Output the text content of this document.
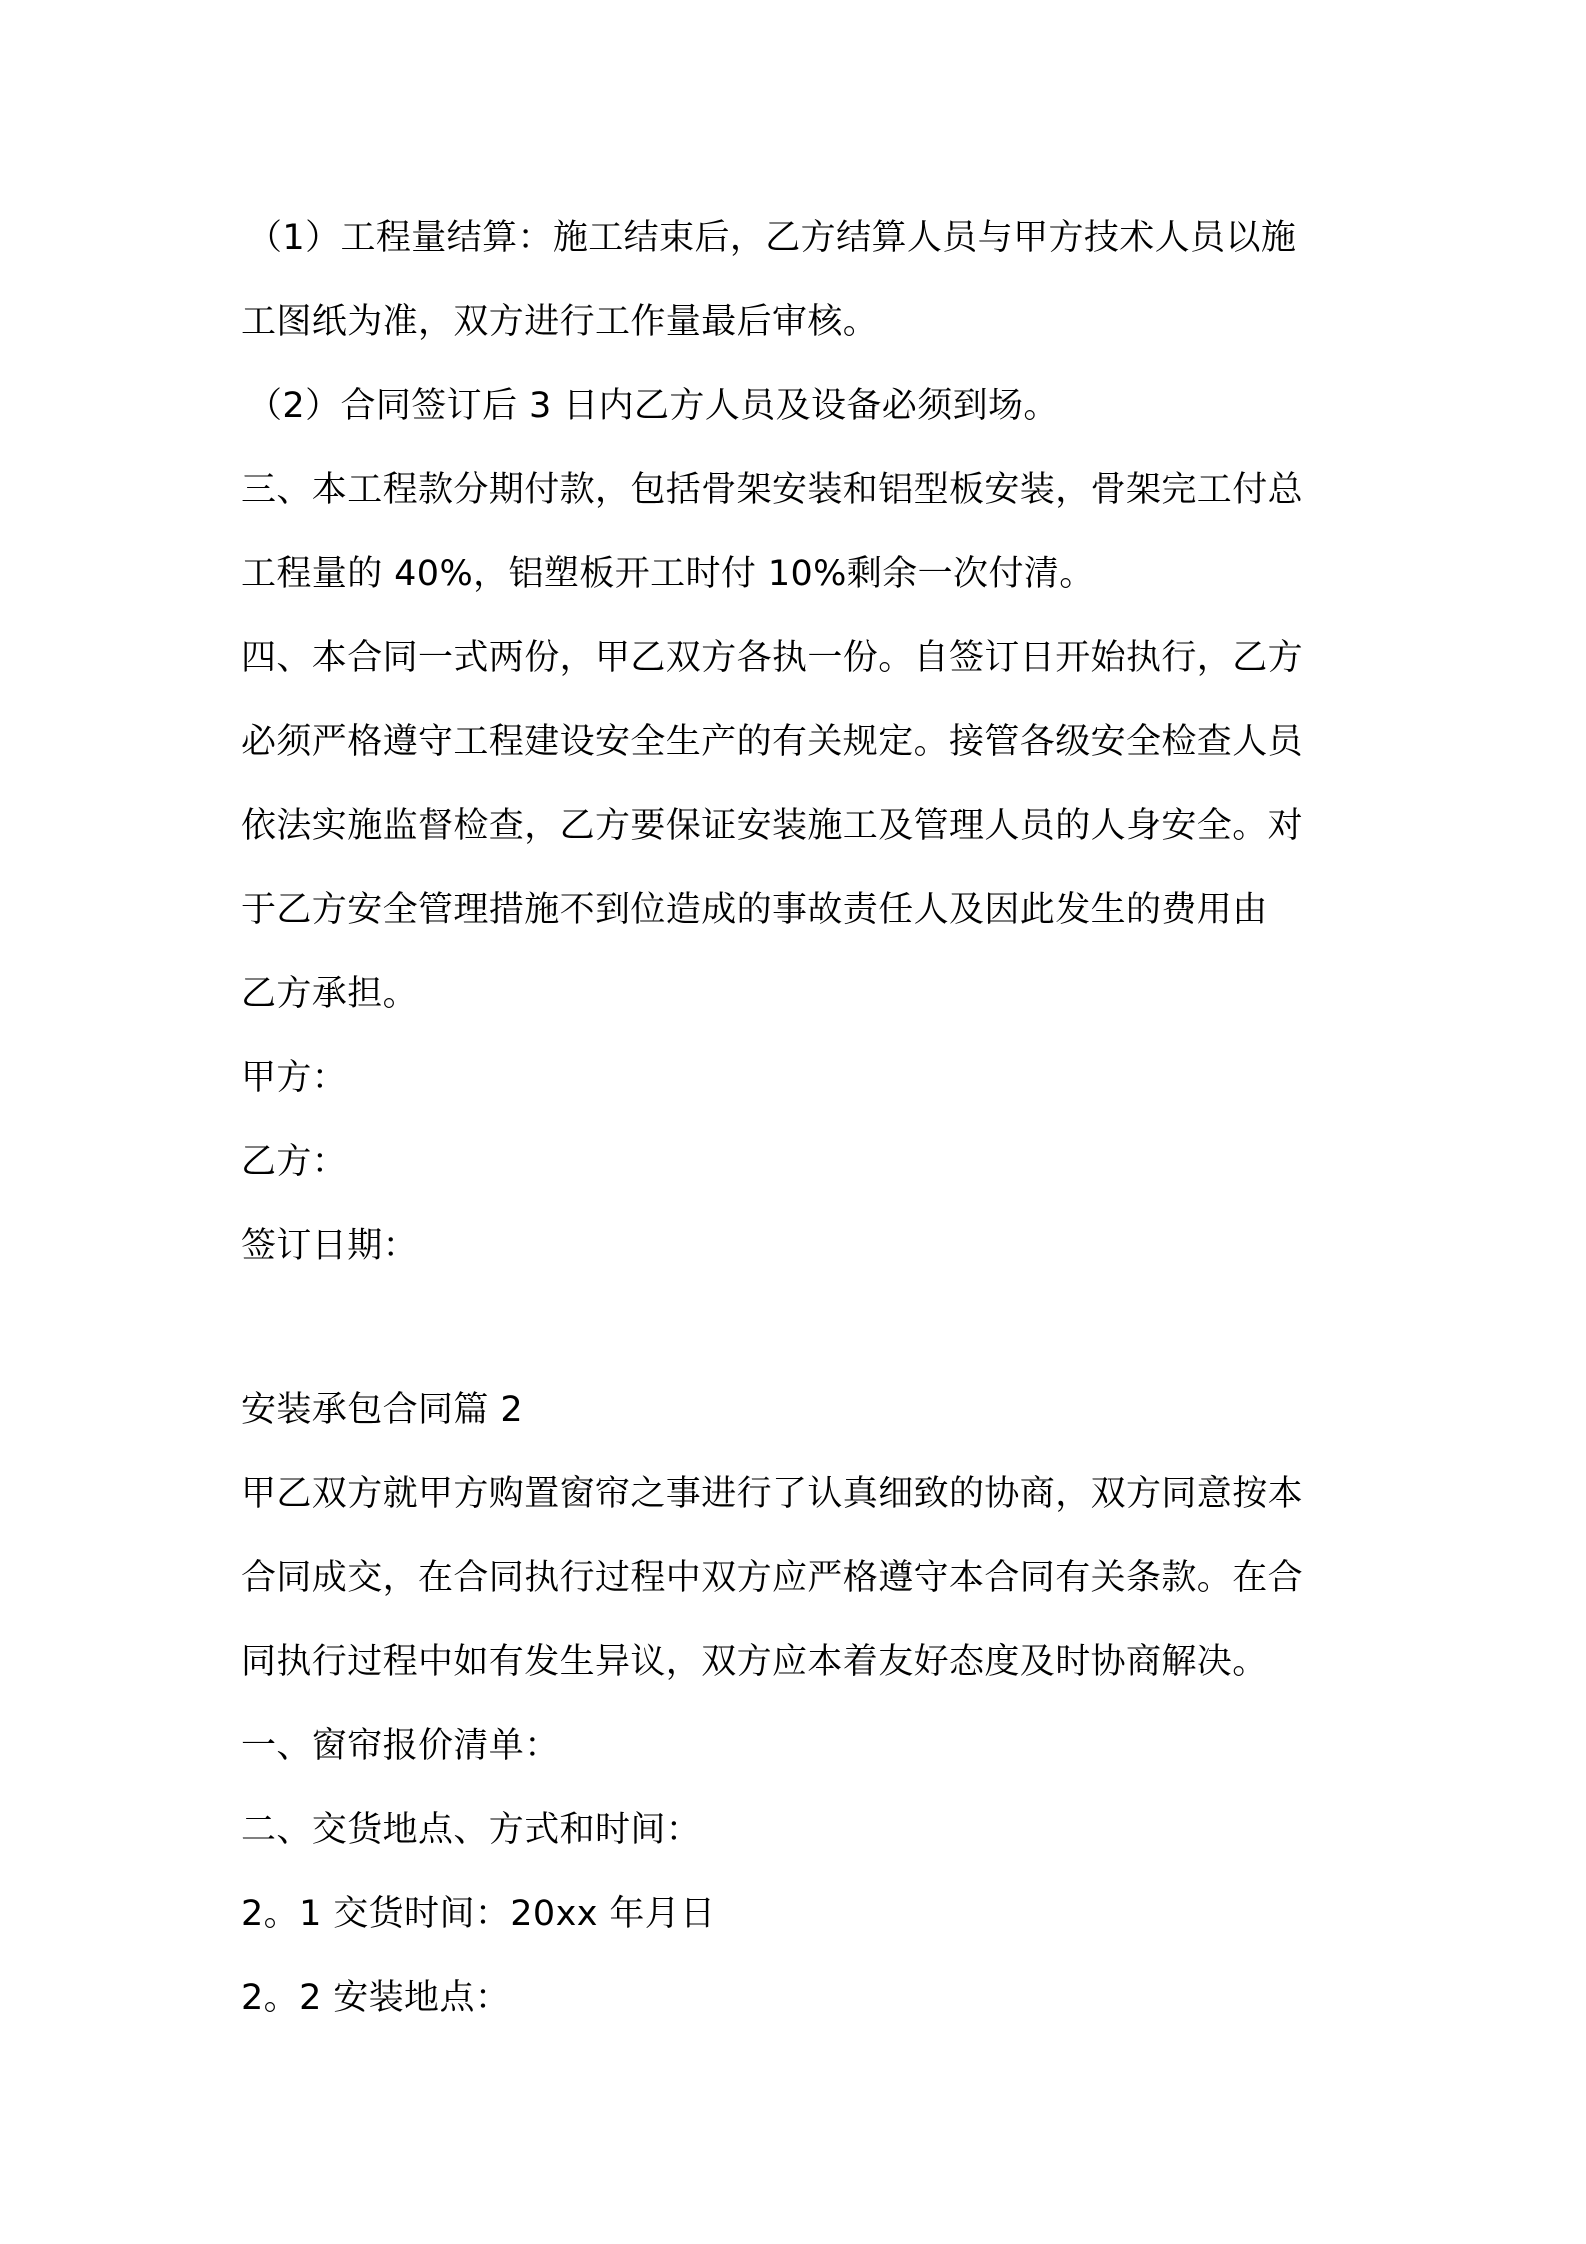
（1）工程量结算：施工结束后，乙方结算人员与甲方技术人员以施
工图纸为准，双方进行工作量最后审核。
（2）合同签订后 3 日内乙方人员及设备必须到场。
三、本工程款分期付款，包括骨架安装和铝型板安装，骨架完工付总
工程量的 40%，铝塑板开工时付 10%剩余一次付清。
四、本合同一式两份，甲乙双方各执一份。自签订日开始执行，乙方
必须严格遵守工程建设安全生产的有关规定。接管各级安全检查人员
依法实施监督检查，乙方要保证安装施工及管理人员的人身安全。对
于乙方安全管理措施不到位造成的事故责任人及因此发生的费用由
乙方承担。
甲方：
乙方：
签订日期：
安装承包合同篇 2
甲乙双方就甲方购置窗帘之事进行了认真细致的协商，双方同意按本
合同成交，在合同执行过程中双方应严格遵守本合同有关条款。在合
同执行过程中如有发生异议，双方应本着友好态度及时协商解决。
一、窗帘报价清单：
二、交货地点、方式和时间：
2。1 交货时间：20xx 年月日
2。2 安装地点：
